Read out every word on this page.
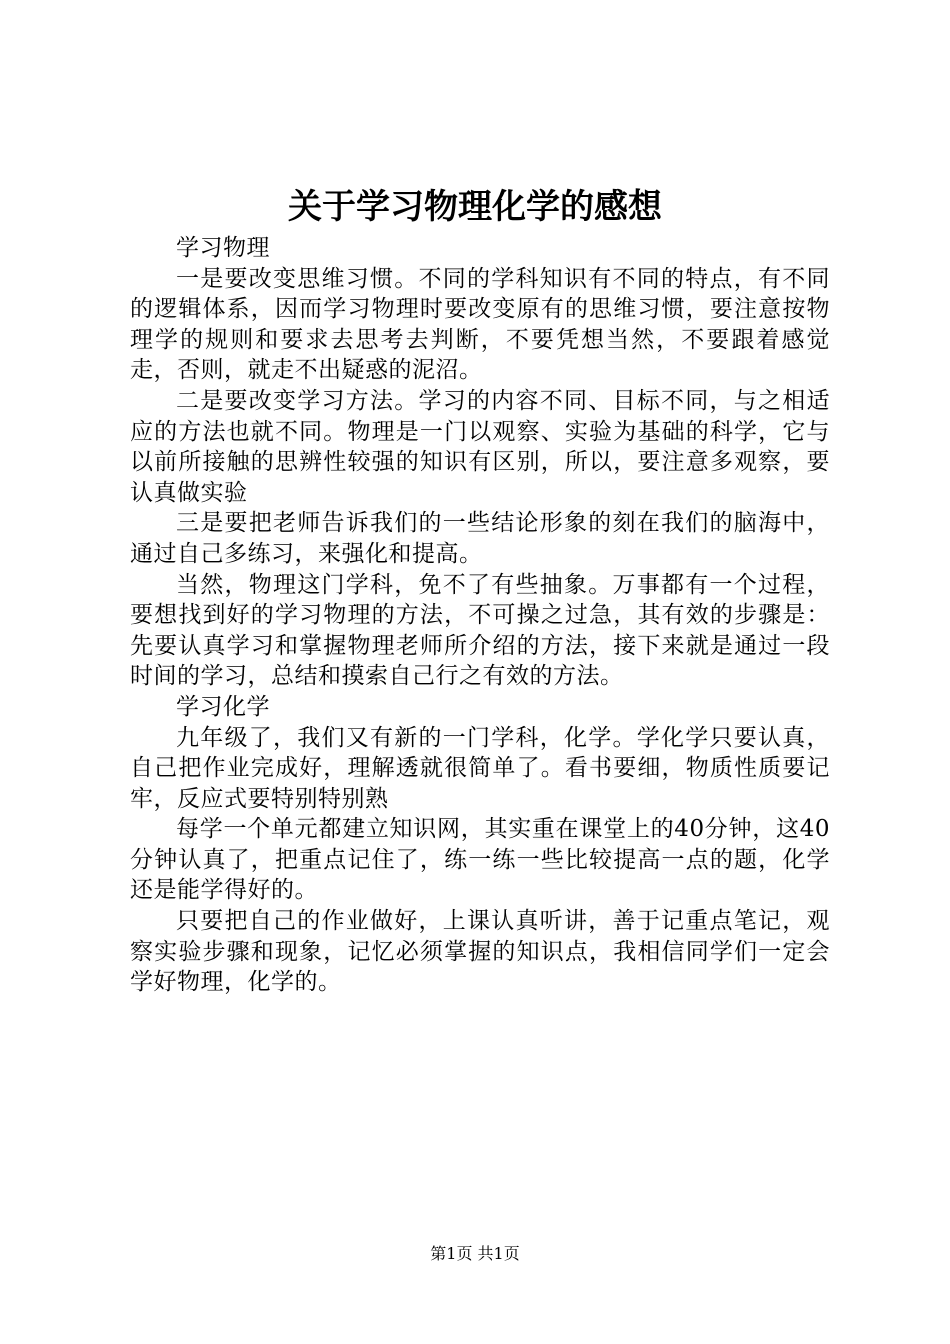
关于学习物理化学的感想

学习物理

一是要改变思维习惯。不同的学科知识有不同的特点，有不同的逻辑体系，因而学习物理时要改变原有的思维习惯，要注意按物理学的规则和要求去思考去判断，不要凭想当然，不要跟着感觉走，否则，就走不出疑惑的泥沼。

二是要改变学习方法。学习的内容不同、目标不同，与之相适应的方法也就不同。物理是一门以观察、实验为基础的科学，它与以前所接触的思辨性较强的知识有区别，所以，要注意多观察，要认真做实验

三是要把老师告诉我们的一些结论形象的刻在我们的脑海中，通过自己多练习，来强化和提高。

当然，物理这门学科，免不了有些抽象。万事都有一个过程，要想找到好的学习物理的方法，不可操之过急，其有效的步骤是：先要认真学习和掌握物理老师所介绍的方法，接下来就是通过一段时间的学习，总结和摸索自己行之有效的方法。

学习化学

九年级了，我们又有新的一门学科，化学。学化学只要认真，自己把作业完成好，理解透就很简单了。看书要细，物质性质要记牢，反应式要特别特别熟

每学一个单元都建立知识网，其实重在课堂上的40分钟，这40分钟认真了，把重点记住了，练一练一些比较提高一点的题，化学还是能学得好的。

只要把自己的作业做好，上课认真听讲，善于记重点笔记，观察实验步骤和现象，记忆必须掌握的知识点，我相信同学们一定会学好物理，化学的。

第1页 共1页
